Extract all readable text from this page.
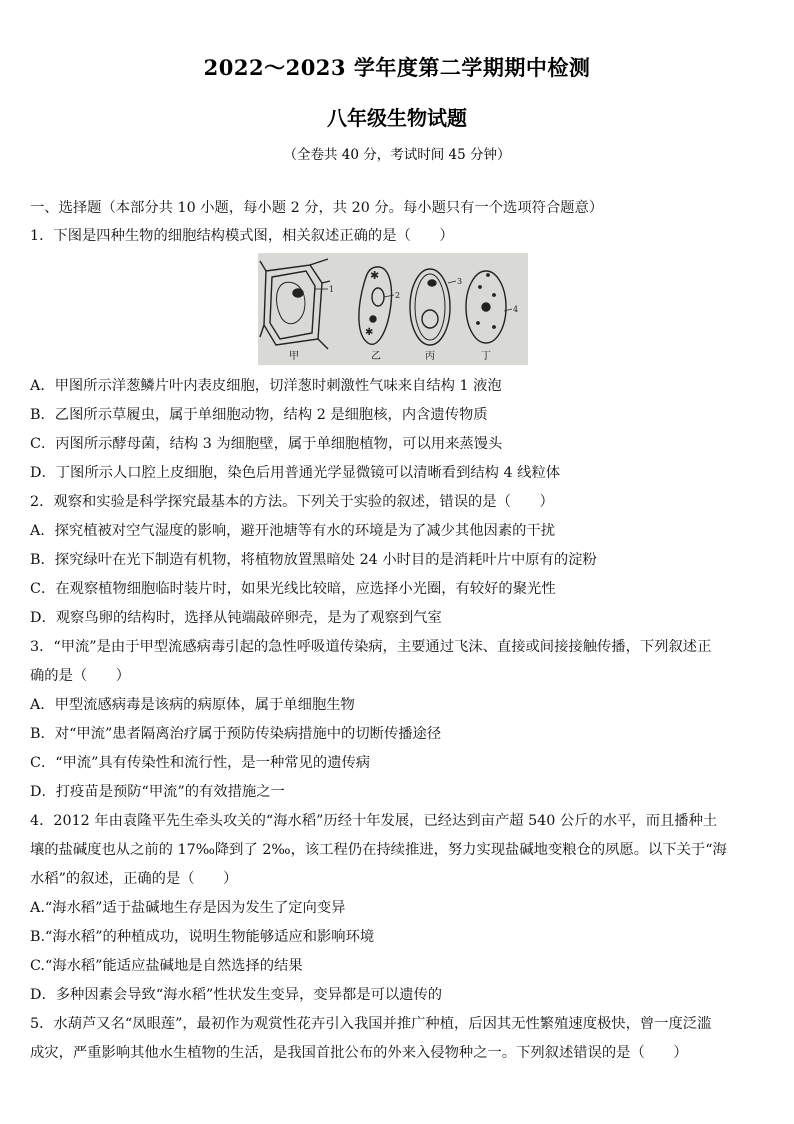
2022～2023 学年度第二学期期中检测
八年级生物试题
（全卷共 40 分，考试时间 45 分钟）
一、选择题（本部分共 10 小题，每小题 2 分，共 20 分。每小题只有一个选项符合题意）
1．下图是四种生物的细胞结构模式图，相关叙述正确的是（　　）
1
✱
✱
2
3
4
甲	乙	丙	丁
A．甲图所示洋葱鳞片叶内表皮细胞，切洋葱时刺激性气味来自结构 1 液泡
B．乙图所示草履虫，属于单细胞动物，结构 2 是细胞核，内含遗传物质
C．丙图所示酵母菌，结构 3 为细胞壁，属于单细胞植物，可以用来蒸馒头
D．丁图所示人口腔上皮细胞，染色后用普通光学显微镜可以清晰看到结构 4 线粒体
2．观察和实验是科学探究最基本的方法。下列关于实验的叙述，错误的是（　　）
A．探究植被对空气湿度的影响，避开池塘等有水的环境是为了减少其他因素的干扰
B．探究绿叶在光下制造有机物，将植物放置黑暗处 24 小时目的是消耗叶片中原有的淀粉
C．在观察植物细胞临时装片时，如果光线比较暗，应选择小光圈，有较好的聚光性
D．观察鸟卵的结构时，选择从钝端敲碎卵壳，是为了观察到气室
3．“甲流”是由于甲型流感病毒引起的急性呼吸道传染病，主要通过飞沫、直接或间接接触传播，下列叙述正
确的是（　　）
A．甲型流感病毒是该病的病原体，属于单细胞生物
B．对“甲流”患者隔离治疗属于预防传染病措施中的切断传播途径
C．“甲流”具有传染性和流行性，是一种常见的遗传病
D．打疫苗是预防“甲流”的有效措施之一
4．2012 年由袁隆平先生牵头攻关的“海水稻”历经十年发展，已经达到亩产超 540 公斤的水平，而且播种土
壤的盐碱度也从之前的 17‰降到了 2‰，该工程仍在持续推进，努力实现盐碱地变粮仓的夙愿。以下关于“海
水稻”的叙述，正确的是（　　）
A.“海水稻”适于盐碱地生存是因为发生了定向变异
B.“海水稻”的种植成功，说明生物能够适应和影响环境
C.“海水稻”能适应盐碱地是自然选择的结果
D．多种因素会导致“海水稻”性状发生变异，变异都是可以遗传的
5．水葫芦又名“凤眼莲”，最初作为观赏性花卉引入我国并推广种植，后因其无性繁殖速度极快，曾一度泛滥
成灾，严重影响其他水生植物的生活，是我国首批公布的外来入侵物种之一。下列叙述错误的是（　　）
